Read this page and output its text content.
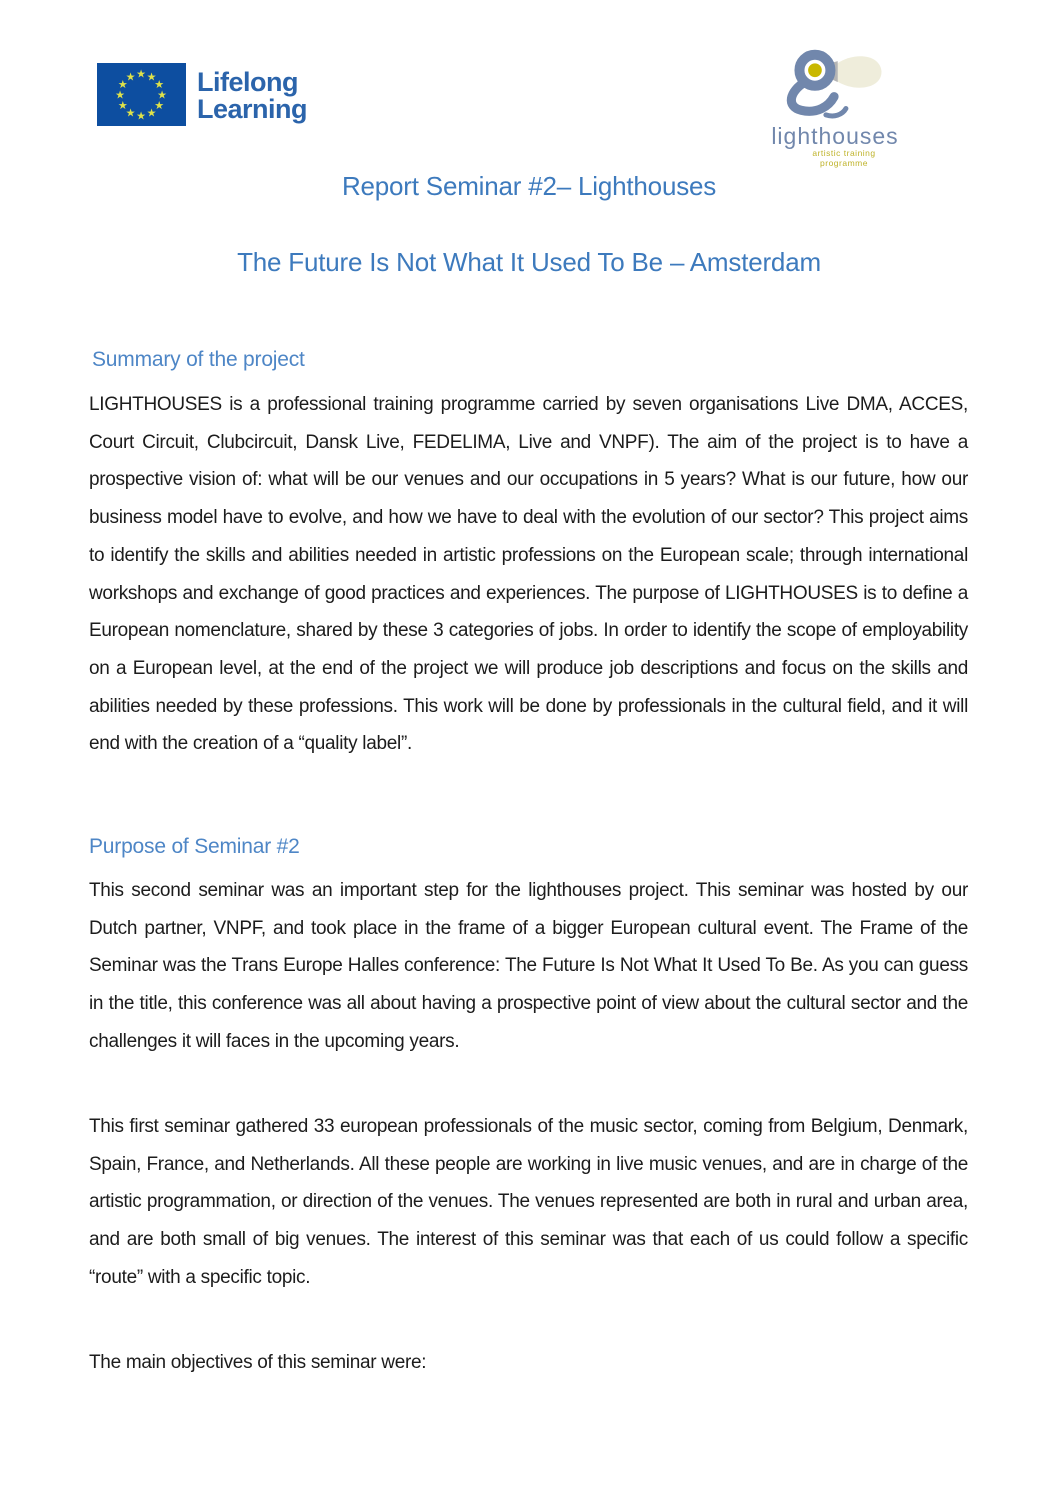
★ ★
★
★
★
★
★
★
★
★
★
★ Lifelong
Learning
lighthouses
artistic training programme
Report Seminar #2– Lighthouses
The Future Is Not What It Used To Be – Amsterdam
Summary of the project
LIGHTHOUSES is a professional training programme carried by seven organisations Live DMA, ACCES, Court Circuit, Clubcircuit, Dansk Live, FEDELIMA, Live and VNPF). The aim of the project is to have a prospective vision of: what will be our venues and our occupations in 5 years? What is our future, how our business model have to evolve, and how we have to deal with the evolution of our sector? This project aims to identify the skills and abilities needed in artistic professions on the European scale; through international workshops and exchange of good practices and experiences. The purpose of LIGHTHOUSES is to define a European nomenclature, shared by these 3 categories of jobs. In order to identify the scope of employability on a European level, at the end of the project we will produce job descriptions and focus on the skills and abilities needed by these professions. This work will be done by professionals in the cultural field, and it will end with the creation of a “quality label”.
Purpose of Seminar #2
This second seminar was an important step for the lighthouses project. This seminar was hosted by our Dutch partner, VNPF, and took place in the frame of a bigger European cultural event. The Frame of the Seminar was the Trans Europe Halles conference: The Future Is Not What It Used To Be. As you can guess in the title, this conference was all about having a prospective point of view about the cultural sector and the challenges it will faces in the upcoming years.
This first seminar gathered 33 european professionals of the music sector, coming from Belgium, Denmark, Spain, France, and Netherlands. All these people are working in live music venues, and are in charge of the artistic programmation, or direction of the venues. The venues represented are both in rural and urban area, and are both small of big venues. The interest of this seminar was that each of us could follow a specific “route” with a specific topic.
The main objectives of this seminar were:
